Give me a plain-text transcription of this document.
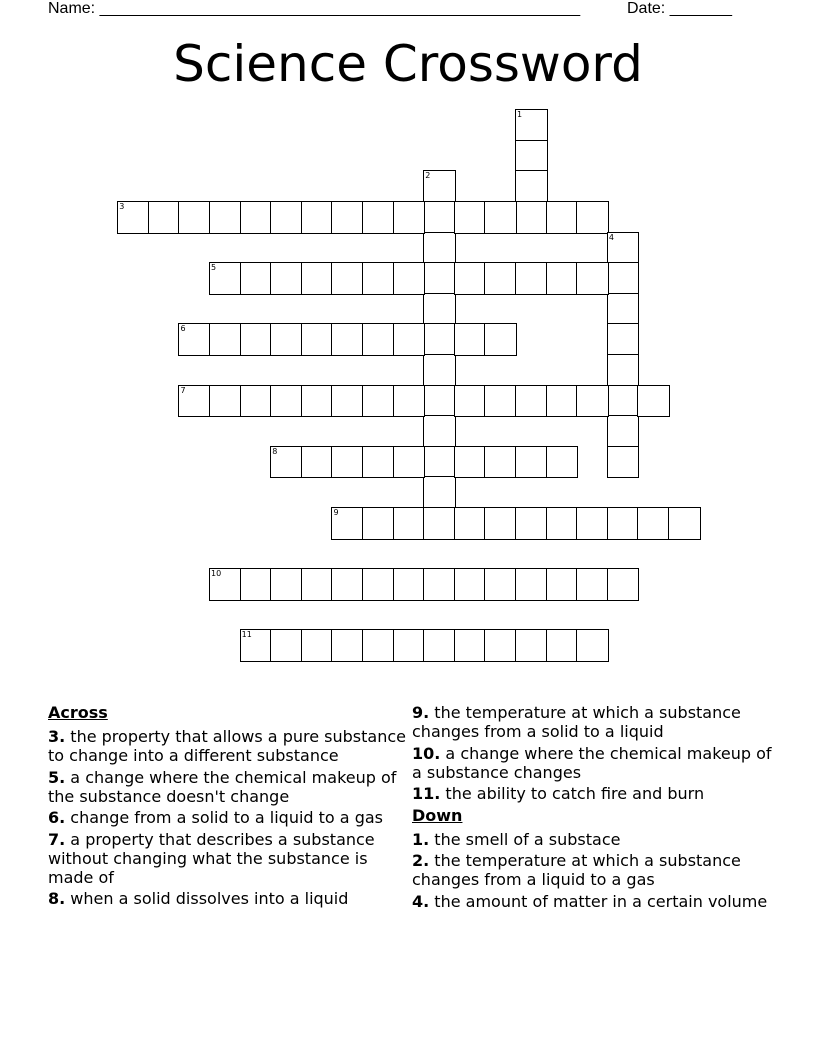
Name: ______________________________________________________	Date: _______
Science Crossword
1
2
3
4
5
6
7
8
9
10
11
Across
3. the property that allows a pure substance to change into a different substance
5. a change where the chemical makeup of the substance doesn't change
6. change from a solid to a liquid to a gas
7. a property that describes a substance without changing what the substance is made of
8. when a solid dissolves into a liquid
9. the temperature at which a substance changes from a solid to a liquid
10. a change where the chemical makeup of a substance changes
11. the ability to catch fire and burn
Down
1. the smell of a substace
2. the temperature at which a substance changes from a liquid to a gas
4. the amount of matter in a certain volume
